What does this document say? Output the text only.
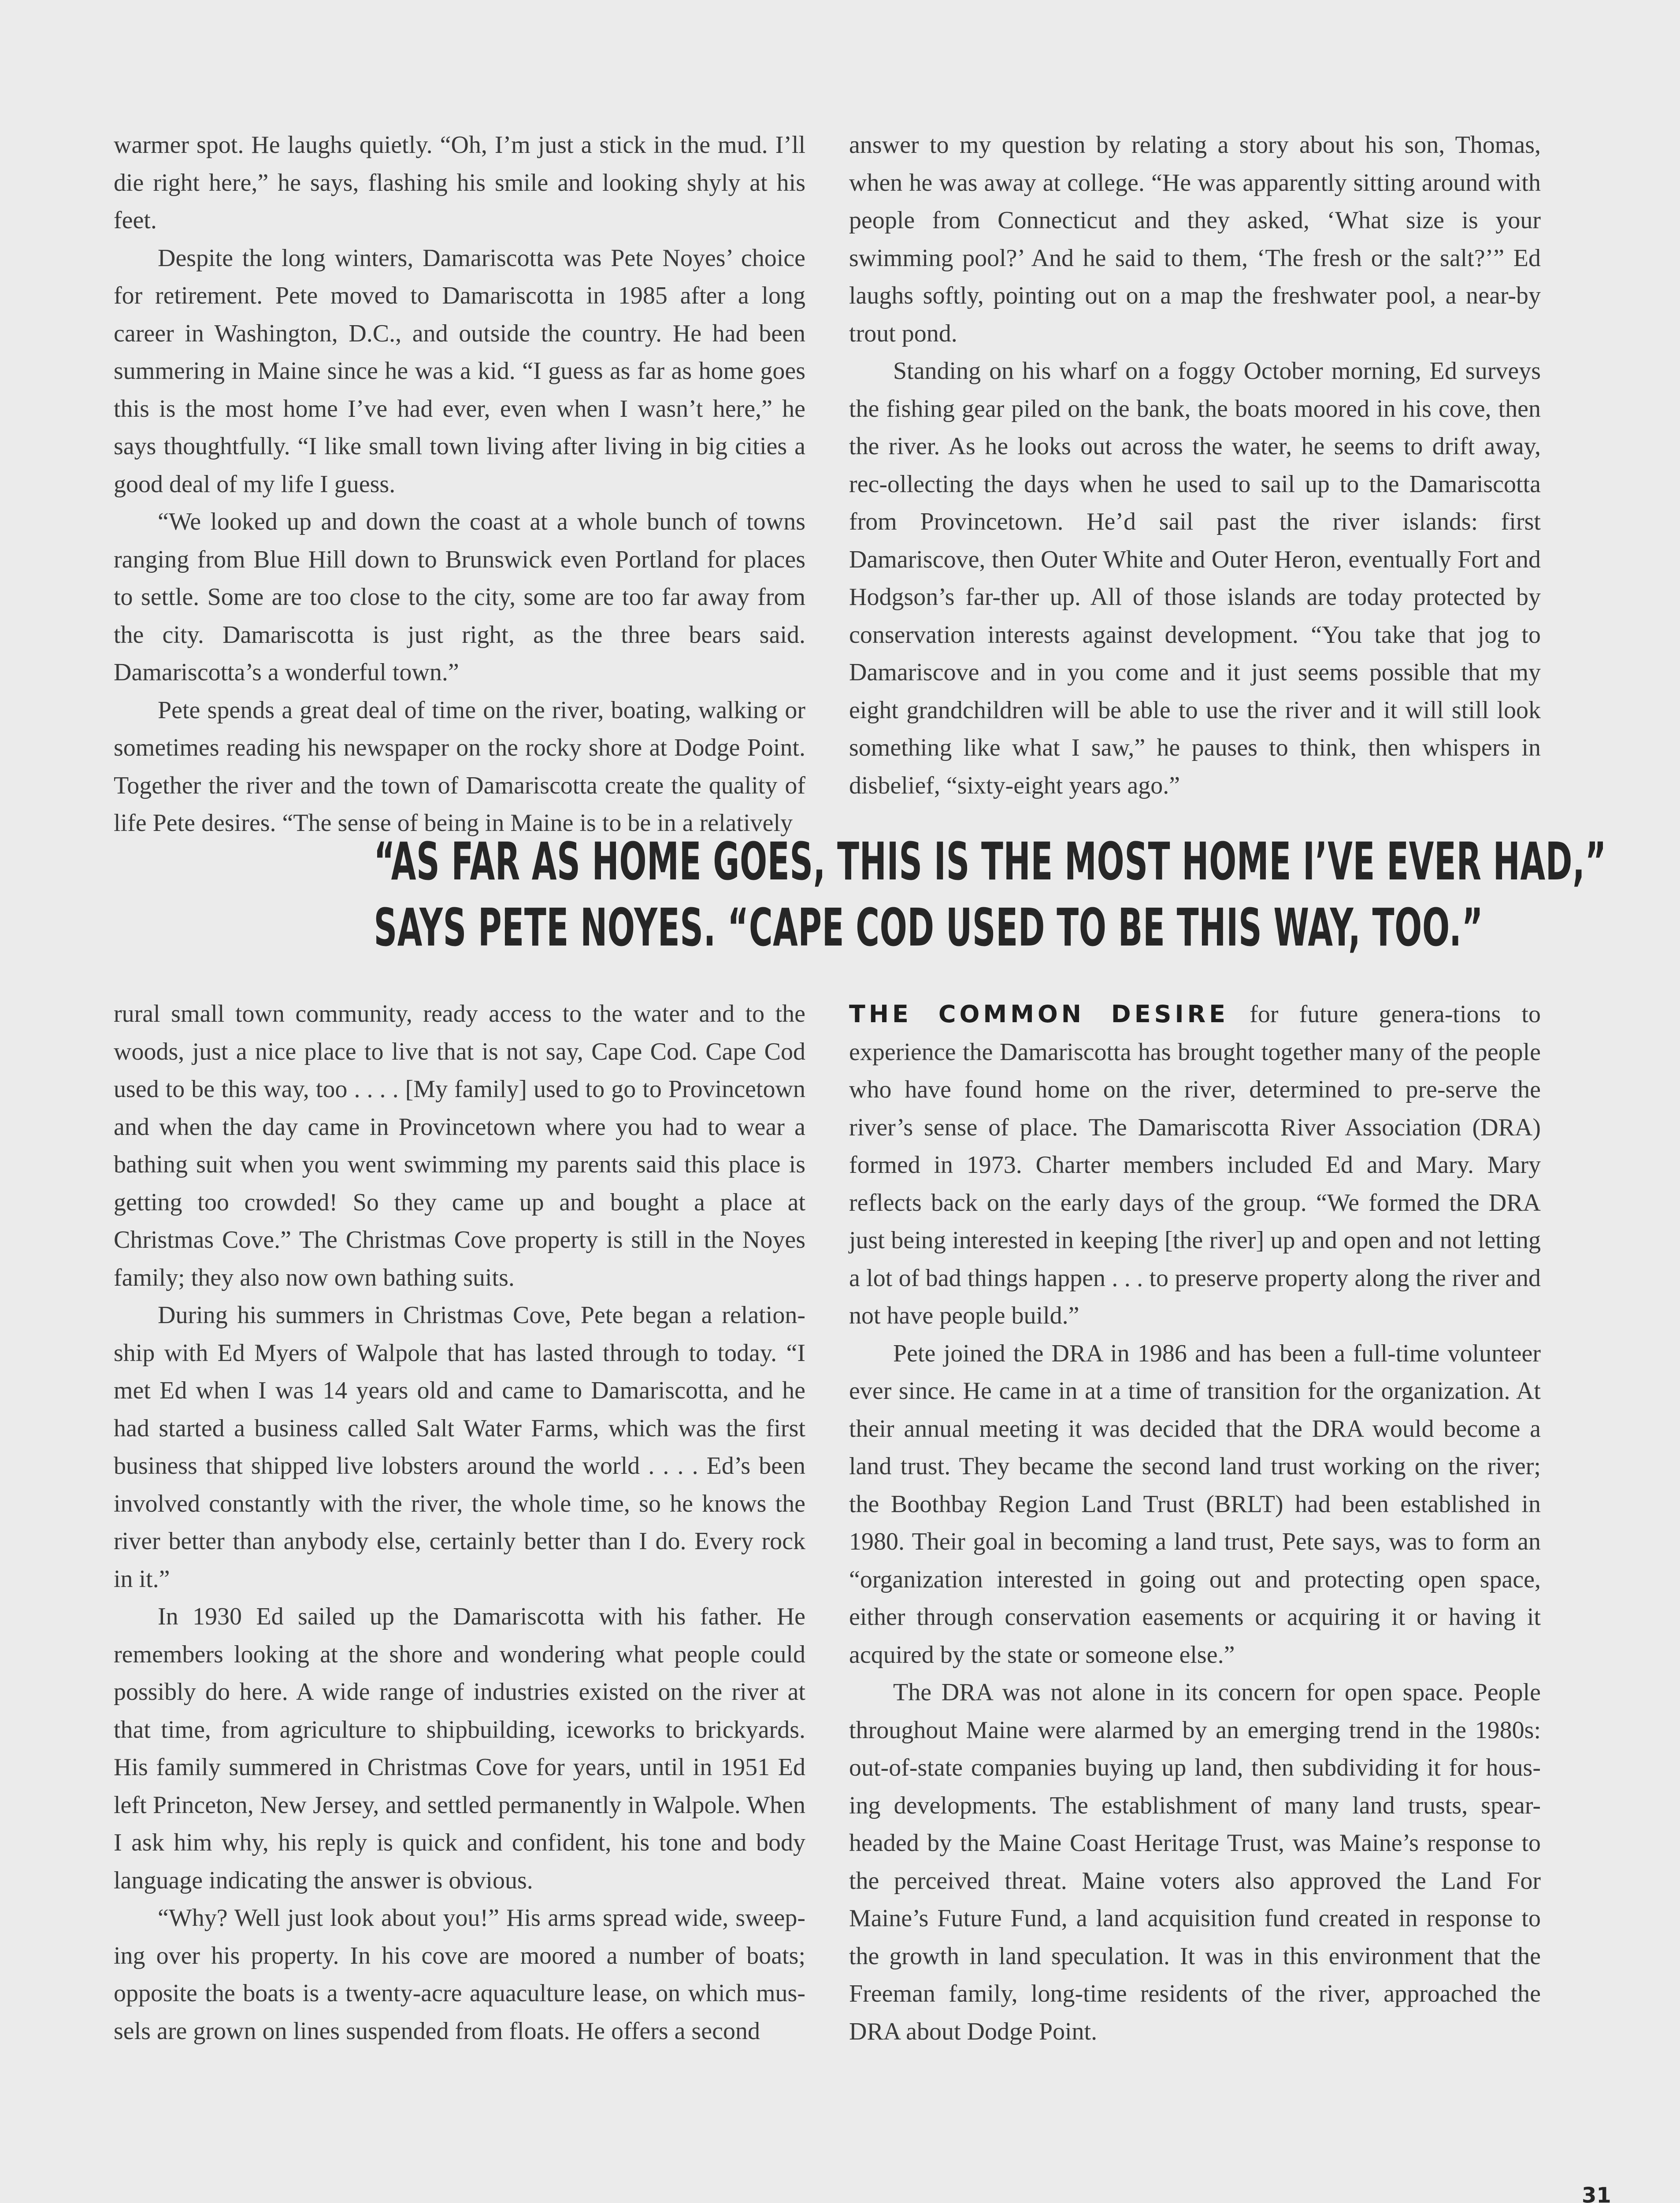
warmer spot. He laughs quietly. “Oh, I’m just a stick in the mud. I’ll die right here,” he says, flashing his smile and looking shyly at his feet.

Despite the long winters, Damariscotta was Pete Noyes’ choice for retirement. Pete moved to Damariscotta in 1985 after a long career in Washington, D.C., and outside the country. He had been summering in Maine since he was a kid. “I guess as far as home goes this is the most home I’ve had ever, even when I wasn’t here,” he says thoughtfully. “I like small town living after living in big cities a good deal of my life I guess.

“We looked up and down the coast at a whole bunch of towns ranging from Blue Hill down to Brunswick even Portland for places to settle. Some are too close to the city, some are too far away from the city. Damariscotta is just right, as the three bears said. Damariscotta’s a wonderful town.”

Pete spends a great deal of time on the river, boating, walking or sometimes reading his newspaper on the rocky shore at Dodge Point. Together the river and the town of Damariscotta create the quality of life Pete desires. “The sense of being in Maine is to be in a relatively

answer to my question by relating a story about his son, Thomas, when he was away at college. “He was apparently sitting around with people from Connecticut and they asked, ‘What size is your swimming pool?’ And he said to them, ‘The fresh or the salt?’” Ed laughs softly, pointing out on a map the freshwater pool, a near-by trout pond.

Standing on his wharf on a foggy October morning, Ed surveys the fishing gear piled on the bank, the boats moored in his cove, then the river. As he looks out across the water, he seems to drift away, rec-ollecting the days when he used to sail up to the Damariscotta from Provincetown. He’d sail past the river islands: first Damariscove, then Outer White and Outer Heron, eventually Fort and Hodgson’s far-ther up. All of those islands are today protected by conservation interests against development. “You take that jog to Damariscove and in you come and it just seems possible that my eight grandchildren will be able to use the river and it will still look something like what I saw,” he pauses to think, then whispers in disbelief, “sixty-eight years ago.”

“AS FAR AS HOME GOES, THIS IS THE MOST HOME I’VE EVER HAD,”
SAYS PETE NOYES. “CAPE COD USED TO BE THIS WAY, TOO.”

rural small town community, ready access to the water and to the woods, just a nice place to live that is not say, Cape Cod. Cape Cod used to be this way, too . . . . [My family] used to go to Provincetown and when the day came in Provincetown where you had to wear a bathing suit when you went swimming my parents said this place is getting too crowded! So they came up and bought a place at Christmas Cove.” The Christmas Cove property is still in the Noyes family; they also now own bathing suits.

During his summers in Christmas Cove, Pete began a relation-ship with Ed Myers of Walpole that has lasted through to today. “I met Ed when I was 14 years old and came to Damariscotta, and he had started a business called Salt Water Farms, which was the first business that shipped live lobsters around the world . . . . Ed’s been involved constantly with the river, the whole time, so he knows the river better than anybody else, certainly better than I do. Every rock in it.”

In 1930 Ed sailed up the Damariscotta with his father. He remembers looking at the shore and wondering what people could possibly do here. A wide range of industries existed on the river at that time, from agriculture to shipbuilding, iceworks to brickyards. His family summered in Christmas Cove for years, until in 1951 Ed left Princeton, New Jersey, and settled permanently in Walpole. When I ask him why, his reply is quick and confident, his tone and body language indicating the answer is obvious.

“Why? Well just look about you!” His arms spread wide, sweep-ing over his property. In his cove are moored a number of boats; opposite the boats is a twenty-acre aquaculture lease, on which mus-sels are grown on lines suspended from floats. He offers a second

THE COMMON DESIRE for future genera-tions to experience the Damariscotta has brought together many of the people who have found home on the river, determined to pre-serve the river’s sense of place. The Damariscotta River Association (DRA) formed in 1973. Charter members included Ed and Mary. Mary reflects back on the early days of the group. “We formed the DRA just being interested in keeping [the river] up and open and not letting a lot of bad things happen . . . to preserve property along the river and not have people build.”

Pete joined the DRA in 1986 and has been a full-time volunteer ever since. He came in at a time of transition for the organization. At their annual meeting it was decided that the DRA would become a land trust. They became the second land trust working on the river; the Boothbay Region Land Trust (BRLT) had been established in 1980. Their goal in becoming a land trust, Pete says, was to form an “organization interested in going out and protecting open space, either through conservation easements or acquiring it or having it acquired by the state or someone else.”

The DRA was not alone in its concern for open space. People throughout Maine were alarmed by an emerging trend in the 1980s: out-of-state companies buying up land, then subdividing it for hous-ing developments. The establishment of many land trusts, spear-headed by the Maine Coast Heritage Trust, was Maine’s response to the perceived threat. Maine voters also approved the Land For Maine’s Future Fund, a land acquisition fund created in response to the growth in land speculation. It was in this environment that the Freeman family, long-time residents of the river, approached the DRA about Dodge Point.

31
